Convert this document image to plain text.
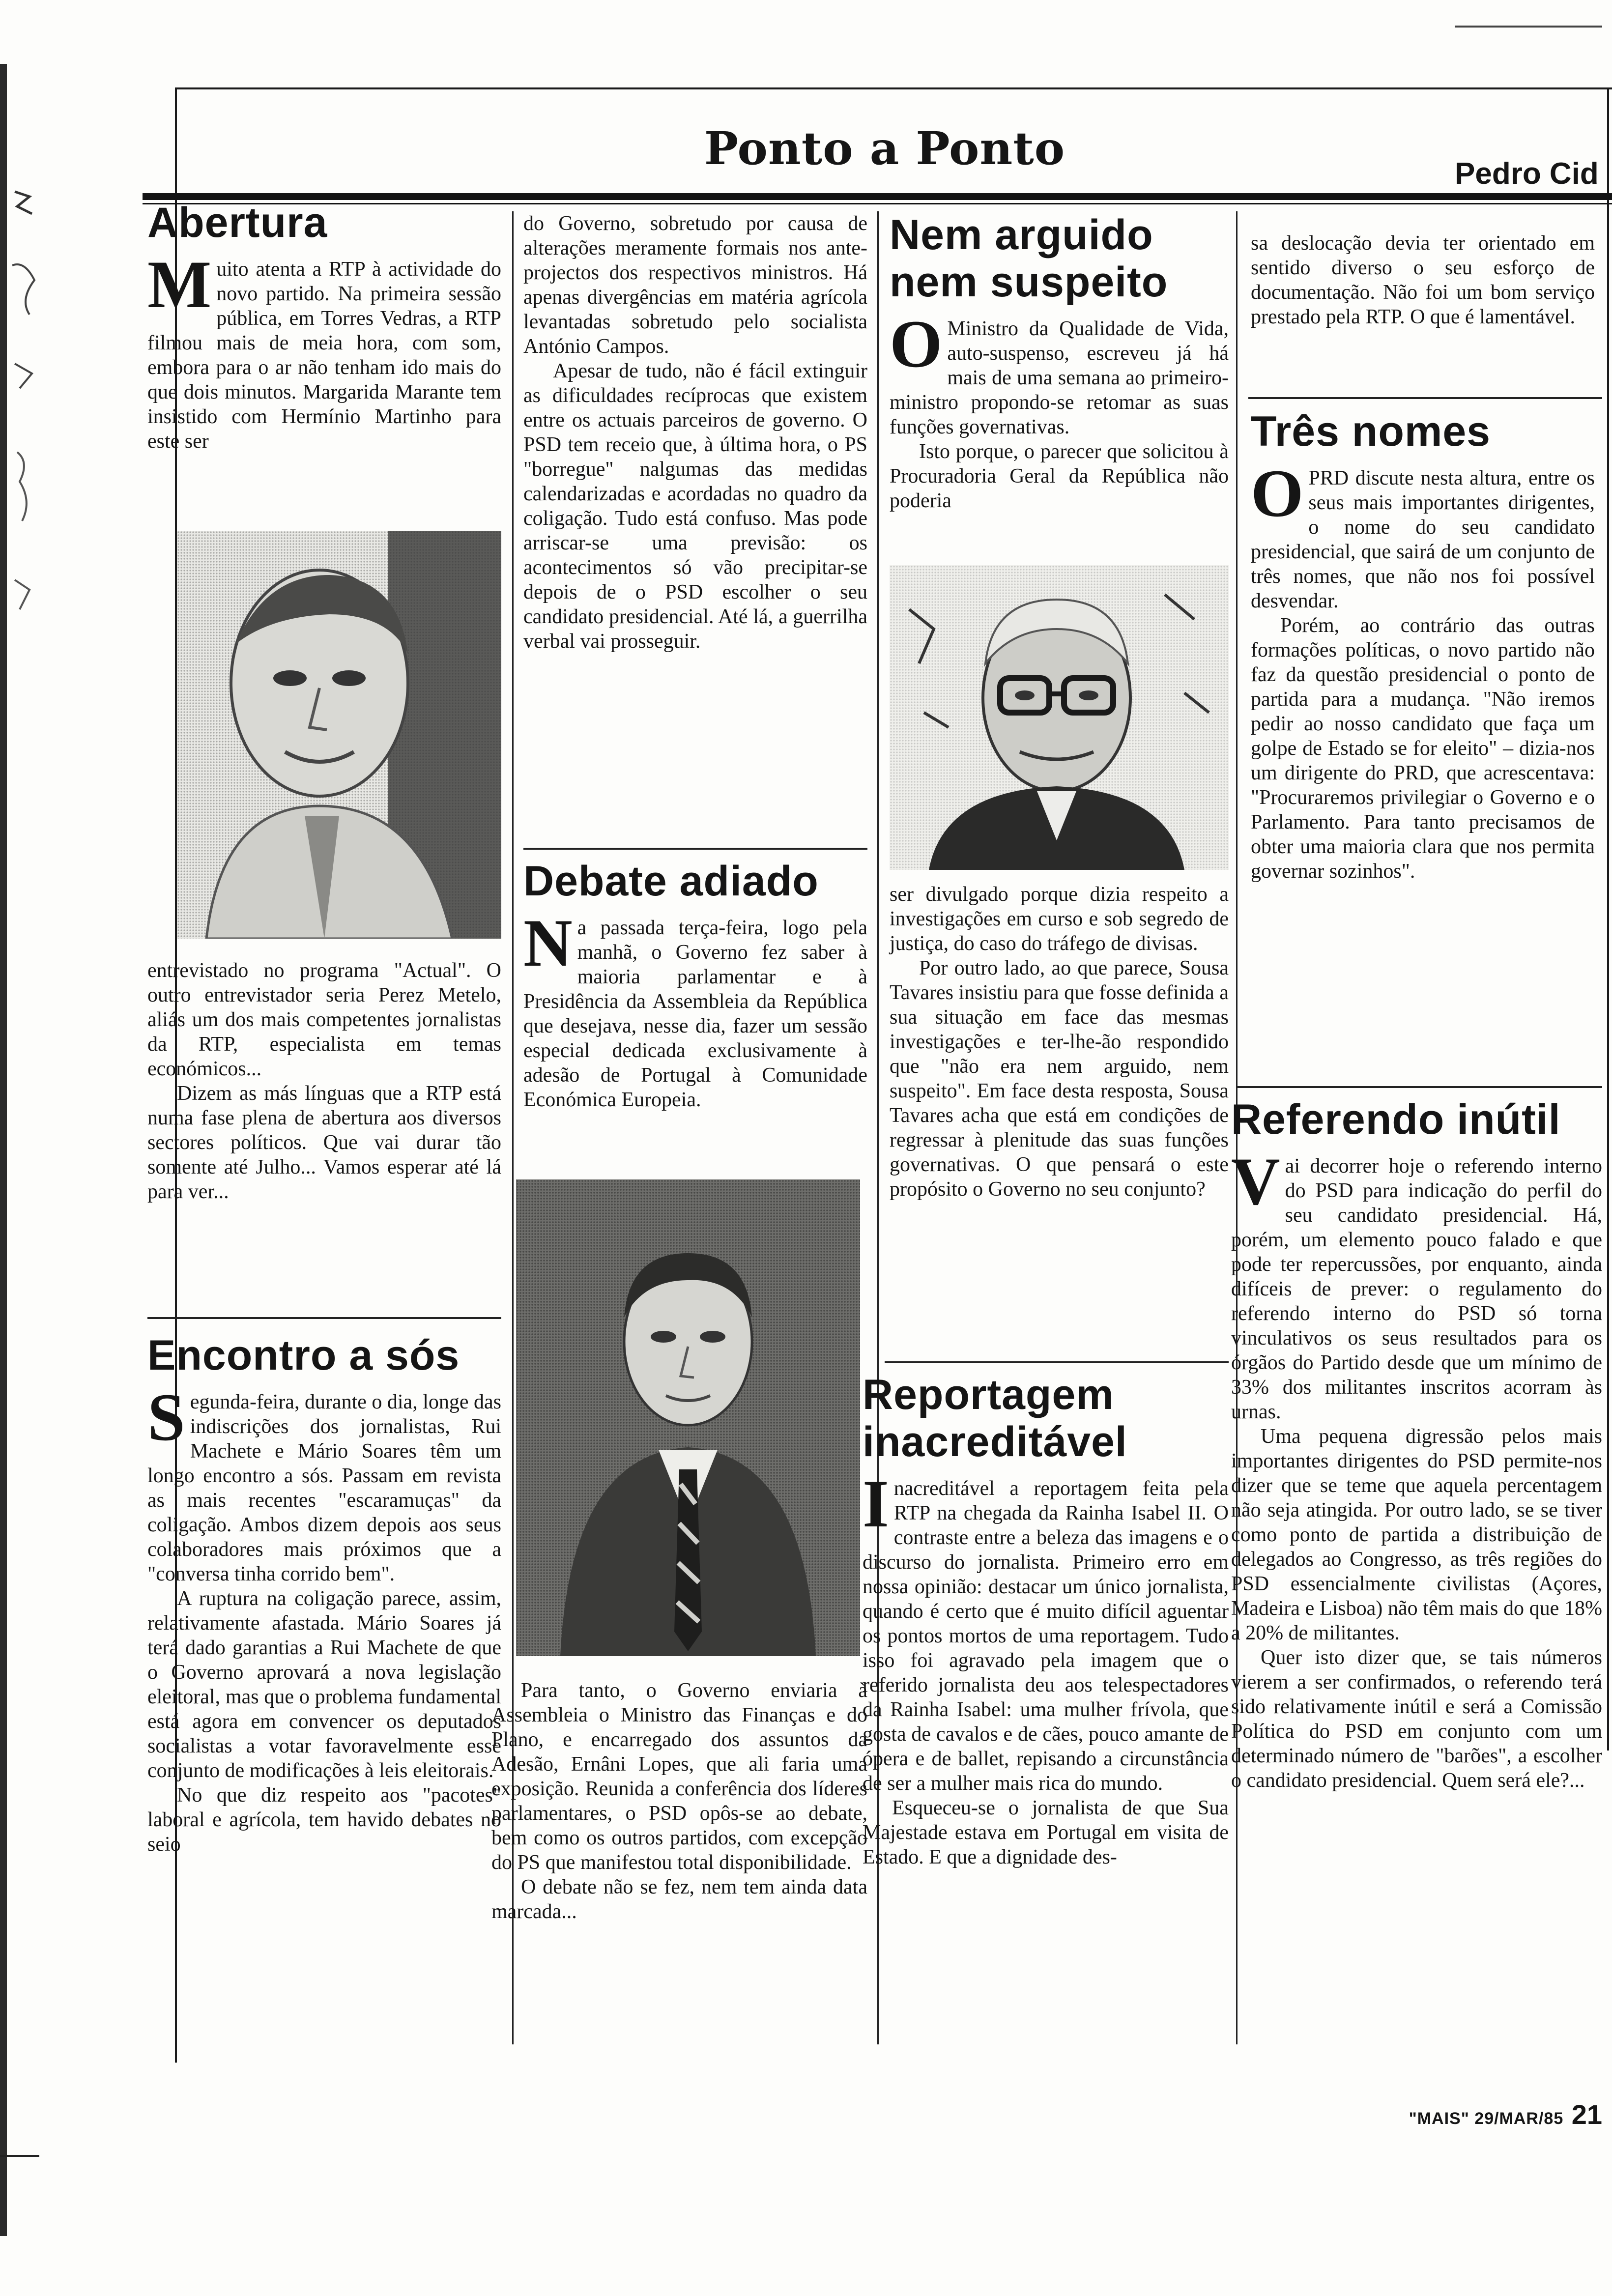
Ponto a Ponto	Pedro Cid
Abertura
M uito atenta a RTP à actividade do novo partido. Na primeira sessão pública, em Torres Vedras, a RTP filmou mais de meia hora, com som, embora para o ar não tenham ido mais do que dois minutos. Margarida Marante tem insistido com Hermínio Martinho para este ser

entrevistado no programa "Actual". O outro entrevistador seria Perez Metelo, aliás um dos mais competentes jornalistas da RTP, especialista em temas económicos...

Dizem as más línguas que a RTP está numa fase plena de abertura aos diversos sectores políticos. Que vai durar tão somente até Julho... Vamos esperar até lá para ver...

Encontro a sós
S egunda-feira, durante o dia, longe das indiscrições dos jornalistas, Rui Machete e Mário Soares têm um longo encontro a sós. Passam em revista as mais recentes "escaramuças" da coligação. Ambos dizem depois aos seus colaboradores mais próximos que a "conversa tinha corrido bem".

A ruptura na coligação parece, assim, relativamente afastada. Mário Soares já terá dado garantias a Rui Machete de que o Governo aprovará a nova legislação eleitoral, mas que o problema fundamental está agora em convencer os deputados socialistas a votar favoravelmente esse conjunto de modificações à leis eleitorais.

No que diz respeito aos "pacotes" laboral e agrícola, tem havido debates no seio

do Governo, sobretudo por causa de alterações meramente formais nos ante-projectos dos respectivos ministros. Há apenas divergências em matéria agrícola levantadas sobretudo pelo socialista António Campos.

Apesar de tudo, não é fácil extinguir as dificuldades recíprocas que existem entre os actuais parceiros de governo. O PSD tem receio que, à última hora, o PS "borregue" nalgumas das medidas calendarizadas e acordadas no quadro da coligação. Tudo está confuso. Mas pode arriscar-se uma previsão: os acontecimentos só vão precipitar-se depois de o PSD escolher o seu candidato presidencial. Até lá, a guerrilha verbal vai prosseguir.

Debate adiado
N a passada terça-feira, logo pela manhã, o Governo fez saber à maioria parlamentar e à Presidência da Assembleia da República que desejava, nesse dia, fazer um sessão especial dedicada exclusivamente à adesão de Portugal à Comunidade Económica Europeia.

Para tanto, o Governo enviaria à Assembleia o Ministro das Finanças e do Plano, e encarregado dos assuntos da Adesão, Ernâni Lopes, que ali faria uma exposição. Reunida a conferência dos líderes parlamentares, o PSD opôs-se ao debate, bem como os outros partidos, com excepção do PS que manifestou total disponibilidade.

O debate não se fez, nem tem ainda data marcada...

Nem arguido nem suspeito
O Ministro da Qualidade de Vida, auto-suspenso, escreveu já há mais de uma semana ao primeiro-ministro propondo-se retomar as suas funções governativas.

Isto porque, o parecer que solicitou à Procuradoria Geral da República não poderia

ser divulgado porque dizia respeito a investigações em curso e sob segredo de justiça, do caso do tráfego de divisas.

Por outro lado, ao que parece, Sousa Tavares insistiu para que fosse definida a sua situação em face das mesmas investigações e ter-lhe-ão respondido que "não era nem arguido, nem suspeito". Em face desta resposta, Sousa Tavares acha que está em condições de regressar à plenitude das suas funções governativas. O que pensará o este propósito o Governo no seu conjunto?

Reportagem inacreditável
I nacreditável a reportagem feita pela RTP na chegada da Rainha Isabel II. O contraste entre a beleza das imagens e o discurso do jornalista. Primeiro erro em nossa opinião: destacar um único jornalista, quando é certo que é muito difícil aguentar os pontos mortos de uma reportagem. Tudo isso foi agravado pela imagem que o referido jornalista deu aos telespectadores da Rainha Isabel: uma mulher frívola, que gosta de cavalos e de cães, pouco amante de ópera e de ballet, repisando a circunstância de ser a mulher mais rica do mundo.

Esqueceu-se o jornalista de que Sua Majestade estava em Portugal em visita de Estado. E que a dignidade des-

sa deslocação devia ter orientado em sentido diverso o seu esforço de documentação. Não foi um bom serviço prestado pela RTP. O que é lamentável.

Três nomes
O PRD discute nesta altura, entre os seus mais importantes dirigentes, o nome do seu candidato presidencial, que sairá de um conjunto de três nomes, que não nos foi possível desvendar.

Porém, ao contrário das outras formações políticas, o novo partido não faz da questão presidencial o ponto de partida para a mudança. "Não iremos pedir ao nosso candidato que faça um golpe de Estado se for eleito" – dizia-nos um dirigente do PRD, que acrescentava: "Procuraremos privilegiar o Governo e o Parlamento. Para tanto precisamos de obter uma maioria clara que nos permita governar sozinhos".

Referendo inútil
V ai decorrer hoje o referendo interno do PSD para indicação do perfil do seu candidato presidencial. Há, porém, um elemento pouco falado e que pode ter repercussões, por enquanto, ainda difíceis de prever: o regulamento do referendo interno do PSD só torna vinculativos os seus resultados para os órgãos do Partido desde que um mínimo de 33% dos militantes inscritos acorram às urnas.

Uma pequena digressão pelos mais importantes dirigentes do PSD permite-nos dizer que se teme que aquela percentagem não seja atingida. Por outro lado, se se tiver como ponto de partida a distribuição de delegados ao Congresso, as três regiões do PSD essencialmente civilistas (Açores, Madeira e Lisboa) não têm mais do que 18% a 20% de militantes.

Quer isto dizer que, se tais números vierem a ser confirmados, o referendo terá sido relativamente inútil e será a Comissão Política do PSD em conjunto com um determinado número de "barões", a escolher o candidato presidencial. Quem será ele?...

"MAIS" 29/MAR/85 21
